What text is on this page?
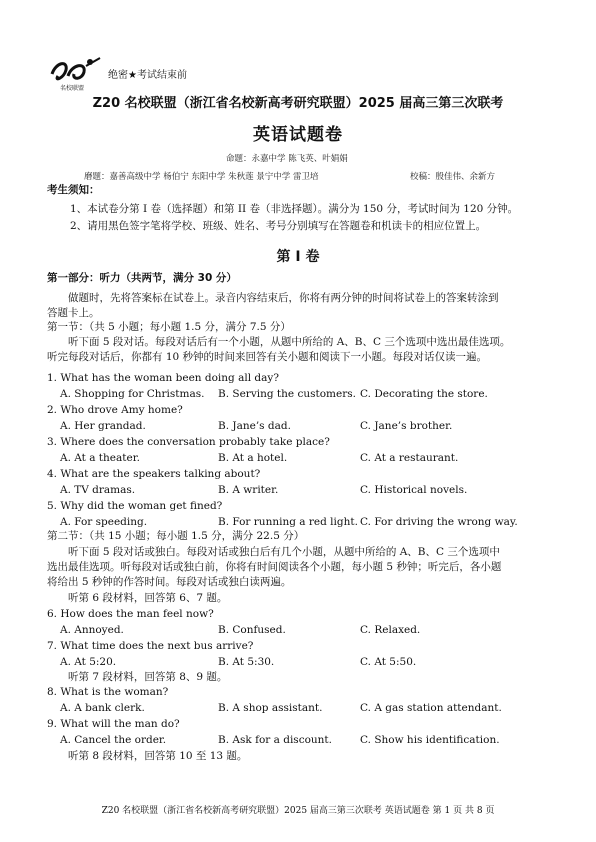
名校联盟
绝密★考试结束前
Z20 名校联盟（浙江省名校新高考研究联盟）2025 届高三第三次联考
英语试题卷
命题：永嘉中学 陈飞英、叶娟娟
磨题：嘉善高级中学 杨伯宁 东阳中学 朱秋莲 景宁中学 雷卫培	校稿：殷佳伟、余新方
考生须知：
1、本试卷分第 I 卷（选择题）和第 II 卷（非选择题）。满分为 150 分，考试时间为 120 分钟。
2、请用黑色签字笔将学校、班级、姓名、考号分别填写在答题卷和机读卡的相应位置上。
第 I 卷
第一部分：听力（共两节，满分 30 分）
做题时，先将答案标在试卷上。录音内容结束后，你将有两分钟的时间将试卷上的答案转涂到
答题卡上。
第一节：（共 5 小题；每小题 1.5 分，满分 7.5 分）
听下面 5 段对话。每段对话后有一个小题，从题中所给的 A、B、C 三个选项中选出最佳选项。
听完每段对话后，你都有 10 秒钟的时间来回答有关小题和阅读下一小题。每段对话仅读一遍。
1. What has the woman been doing all day?
A. Shopping for Christmas. B. Serving the customers. C. Decorating the store.
2. Who drove Amy home?
A. Her grandad.	B. Jane’s dad.	C. Jane’s brother.
3. Where does the conversation probably take place?
A. At a theater.	B. At a hotel.	C. At a restaurant.
4. What are the speakers talking about?
A. TV dramas.	B. A writer.	C. Historical novels.
5. Why did the woman get fined?
A. For speeding.	B. For running a red light. C. For driving the wrong way.
第二节：（共 15 小题；每小题 1.5 分，满分 22.5 分）
听下面 5 段对话或独白。每段对话或独白后有几个小题，从题中所给的 A、B、C 三个选项中
选出最佳选项。听每段对话或独白前，你将有时间阅读各个小题，每小题 5 秒钟；听完后，各小题
将给出 5 秒钟的作答时间。每段对话或独白读两遍。
听第 6 段材料，回答第 6、7 题。
6. How does the man feel now?
A. Annoyed.	B. Confused.	C. Relaxed.
7. What time does the next bus arrive?
A. At 5:20.	B. At 5:30.	C. At 5:50.
听第 7 段材料，回答第 8、9 题。
8. What is the woman?
A. A bank clerk.	B. A shop assistant.	C. A gas station attendant.
9. What will the man do?
A. Cancel the order.	B. Ask for a discount.	C. Show his identification.
听第 8 段材料，回答第 10 至 13 题。
Z20 名校联盟（浙江省名校新高考研究联盟）2025 届高三第三次联考 英语试题卷 第 1 页 共 8 页
